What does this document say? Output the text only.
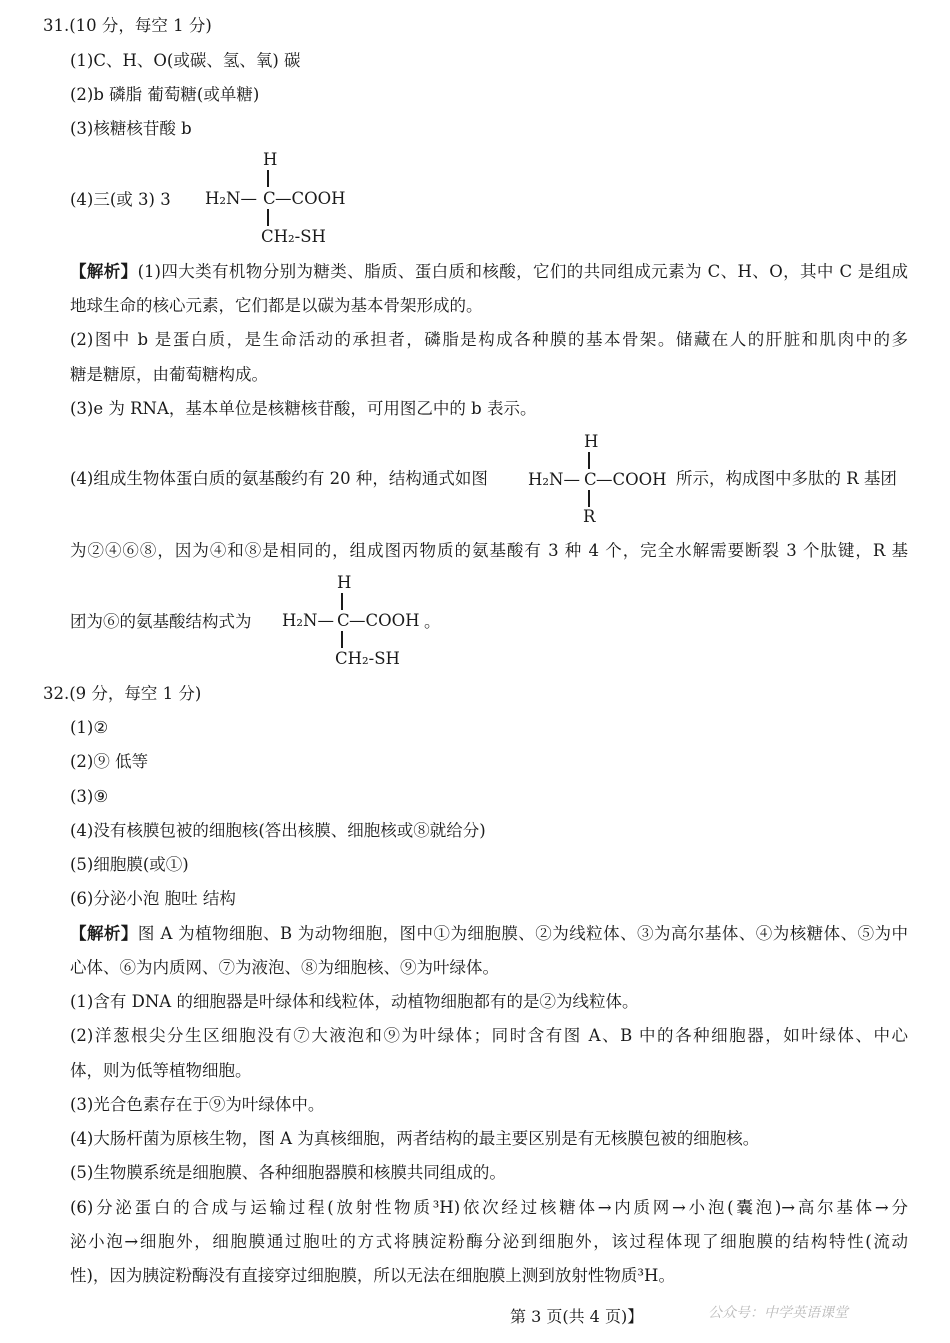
31.(10 分，每空 1 分)
(1)C、H、O(或碳、氢、氧) 碳
(2)b 磷脂 葡萄糖(或单糖)
(3)核糖核苷酸 b
(4)三(或 3) 3
H
H₂N— C —COOH
CH₂-SH
【解析】(1)四大类有机物分别为糖类、脂质、蛋白质和核酸，它们的共同组成元素为 C、H、O，其中 C 是组成
地球生命的核心元素，它们都是以碳为基本骨架形成的。
(2)图中 b 是蛋白质，是生命活动的承担者，磷脂是构成各种膜的基本骨架。储藏在人的肝脏和肌肉中的多
糖是糖原，由葡萄糖构成。
(3)e 为 RNA，基本单位是核糖核苷酸，可用图乙中的 b 表示。
(4)组成生物体蛋白质的氨基酸约有 20 种，结构通式如图
H
H₂N— C —COOH
R
所示，构成图中多肽的 R 基团
为②④⑥⑧，因为④和⑧是相同的，组成图丙物质的氨基酸有 3 种 4 个，完全水解需要断裂 3 个肽键，R 基
团为⑥的氨基酸结构式为
H
H₂N— C —COOH
CH₂-SH
。
32.(9 分，每空 1 分)
(1)②
(2)⑨ 低等
(3)⑨
(4)没有核膜包被的细胞核(答出核膜、细胞核或⑧就给分)
(5)细胞膜(或①)
(6)分泌小泡 胞吐 结构
【解析】图 A 为植物细胞、B 为动物细胞，图中①为细胞膜、②为线粒体、③为高尔基体、④为核糖体、⑤为中
心体、⑥为内质网、⑦为液泡、⑧为细胞核、⑨为叶绿体。
(1)含有 DNA 的细胞器是叶绿体和线粒体，动植物细胞都有的是②为线粒体。
(2)洋葱根尖分生区细胞没有⑦大液泡和⑨为叶绿体；同时含有图 A、B 中的各种细胞器，如叶绿体、中心
体，则为低等植物细胞。
(3)光合色素存在于⑨为叶绿体中。
(4)大肠杆菌为原核生物，图 A 为真核细胞，两者结构的最主要区别是有无核膜包被的细胞核。
(5)生物膜系统是细胞膜、各种细胞器膜和核膜共同组成的。
(6)分泌蛋白的合成与运输过程(放射性物质³H)依次经过核糖体→内质网→小泡(囊泡)→高尔基体→分
泌小泡→细胞外，细胞膜通过胞吐的方式将胰淀粉酶分泌到细胞外，该过程体现了细胞膜的结构特性(流动
性)，因为胰淀粉酶没有直接穿过细胞膜，所以无法在细胞膜上测到放射性物质³H。
第 3 页(共 4 页)】	公众号：中学英语课堂
